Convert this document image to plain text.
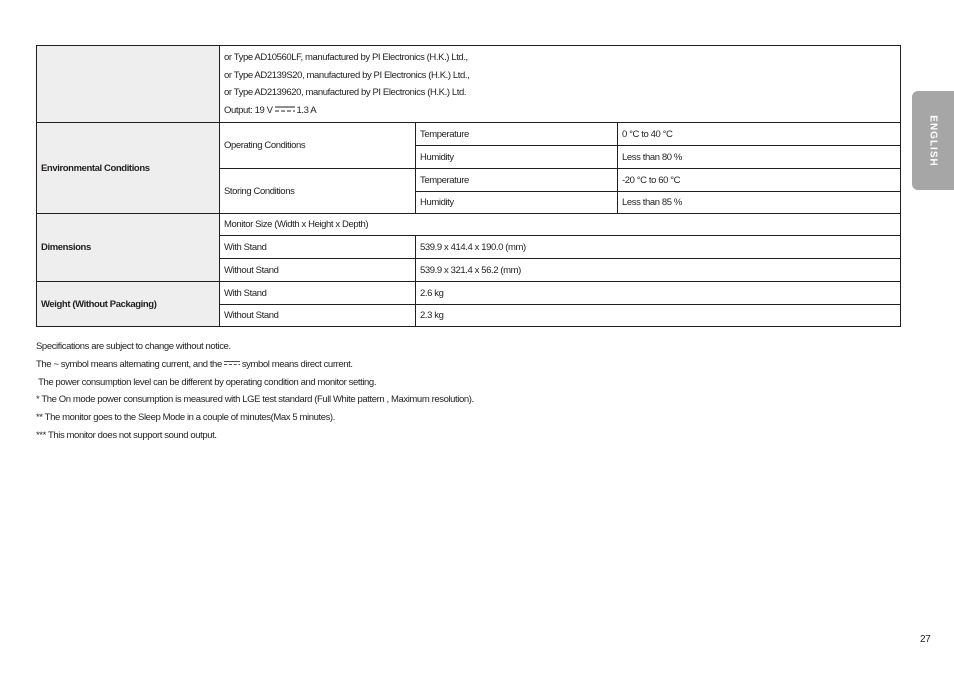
	or Type AD10560LF, manufactured by PI Electronics (H.K.) Ltd.,
or Type AD2139S20, manufactured by PI Electronics (H.K.) Ltd.,
or Type AD2139620, manufactured by PI Electronics (H.K.) Ltd.
Output: 19 V 1.3 A		

Environmental Conditions	Operating Conditions	Temperature	0 °C to 40 °C
		Humidity	Less than 80 %
	Storing Conditions	Temperature	-20 °C to 60 °C
		Humidity	Less than 85 %
Dimensions	Monitor Size (Width x Height x Depth)		
	With Stand	539.9 x 414.4 x 190.0 (mm)	
	Without Stand	539.9 x 321.4 x 56.2 (mm)	
Weight (Without Packaging)	With Stand	2.6 kg	
	Without Stand	2.3 kg	
Specifications are subject to change without notice.
The ~ symbol means alternating current, and the symbol means direct current.
The power consumption level can be different by operating condition and monitor setting.
* The On mode power consumption is measured with LGE test standard (Full White pattern , Maximum resolution).
** The monitor goes to the Sleep Mode in a couple of minutes(Max 5 minutes).
*** This monitor does not support sound output.
ENGLISH
27
